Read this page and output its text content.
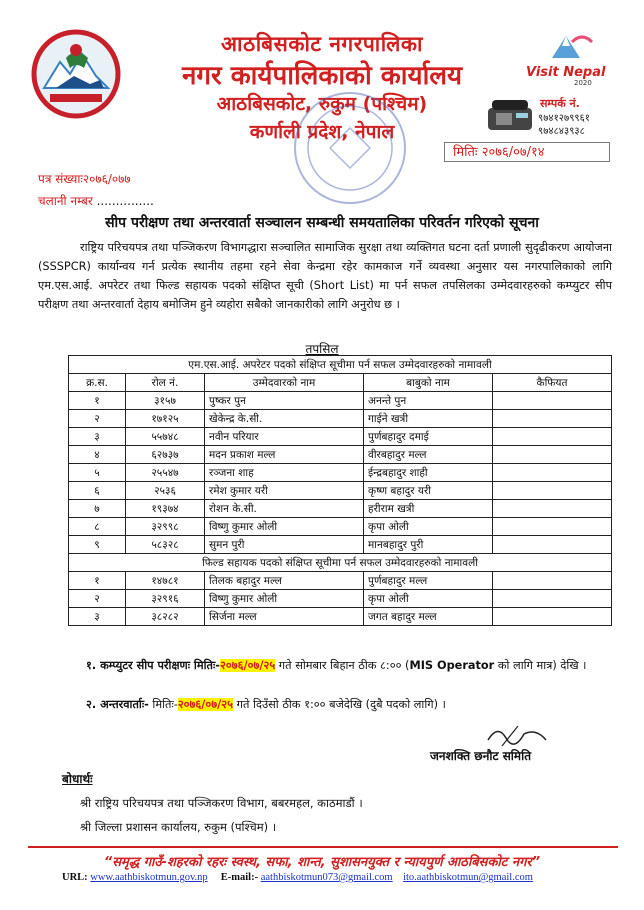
आठबिसकोट नगरपालिका
नगर कार्यपालिकाको कार्यालय
आठबिसकोट, रुकुम (पश्चिम)
कर्णाली प्रदेश, नेपाल
Visit Nepal
2020
सम्पर्क नं.
९७४१२७९९६१
९७४८४३९३८
मितिः २०७६/०७/१४
पत्र संख्याः२०७६/०७७
चलानी नम्बर ...............
सीप परीक्षण तथा अन्तरवार्ता सञ्चालन सम्बन्धी समयतालिका परिवर्तन गरिएको सूचना
राष्ट्रिय परिचयपत्र तथा पञ्जिकरण विभागद्धारा सञ्चालित सामाजिक सुरक्षा तथा व्यक्तिगत घटना दर्ता प्रणाली सुदृढीकरण आयोजना (SSSPCR) कार्यान्वय गर्न प्रत्येक स्थानीय तहमा रहने सेवा केन्द्रमा रहेर कामकाज गर्ने व्यवस्था अनुसार यस नगरपालिकाको लागि एम.एस.आई. अपरेटर तथा फिल्ड सहायक पदको संक्षिप्त सूची (Short List) मा पर्न सफल तपसिलका उम्मेदवारहरुको कम्प्युटर सीप परीक्षण तथा अन्तरवार्ता देहाय बमोजिम हुने व्यहोरा सबैको जानकारीको लागि अनुरोध छ ।
तपसिल
एम.एस.आई. अपरेटर पदको संक्षिप्त सूचीमा पर्न सफल उम्मेदवारहरुको नामावली				
क्र.स.	रोल नं.	उम्मेदवारको नाम	बाबुको नाम	कैफियत
१	३१५७	पुष्कर पुन	अनन्ते पुन	
२	१७१२५	खेकेन्द्र के.सी.	गाईने खत्री	
३	५५७४८	नवीन परियार	पुर्णबहादुर दमाई	
४	६२७३७	मदन प्रकाश मल्ल	वीरबहादुर मल्ल	
५	२५५४७	रञ्जना शाह	ईन्द्रबहादुर शाही	
६	२५३६	रमेश कुमार यरी	कृष्ण बहादुर यरी	
७	१९३७४	रोशन के.सी.	हरीराम खत्री	
८	३२९९८	विष्णु कुमार ओली	कृपा ओली	
९	५८३२८	सुमन पुरी	मानबहादुर पुरी	
फिल्ड सहायक पदको संक्षिप्त सूचीमा पर्न सफल उम्मेदवारहरुको नामावली				
१	१४७८१	तिलक बहादुर मल्ल	पुर्णबहादुर मल्ल	
२	३२९१६	विष्णु कुमार ओली	कृपा ओली	
३	३८२८२	सिर्जना मल्ल	जगत बहादुर मल्ल	
१. कम्प्युटर सीप परीक्षणः मितिः-२०७६/०७/२५ गते सोमबार बिहान ठीक ८:०० (MIS Operator को लागि मात्र) देखि ।
२. अन्तरवार्ताः- मितिः-२०७६/०७/२५ गते दिउँसो ठीक १:०० बजेदेखि (दुबै पदको लागि) ।
जनशक्ति छनौट समिति
बोधार्थः
श्री राष्ट्रिय परिचयपत्र तथा पञ्जिकरण विभाग, बबरमहल, काठमाडौं ।
श्री जिल्ला प्रशासन कार्यालय, रुकुम (पश्चिम) ।
“समृद्ध गाउँ-शहरको रहरः स्वस्थ, सफा, शान्त, सुशासनयुक्त र न्यायपुर्ण आठबिसकोट नगर”
URL: www.aathbiskotmun.gov.np E-mail:- aathbiskotmun073@gmail.com ito.aathbiskotmun@gmail.com
